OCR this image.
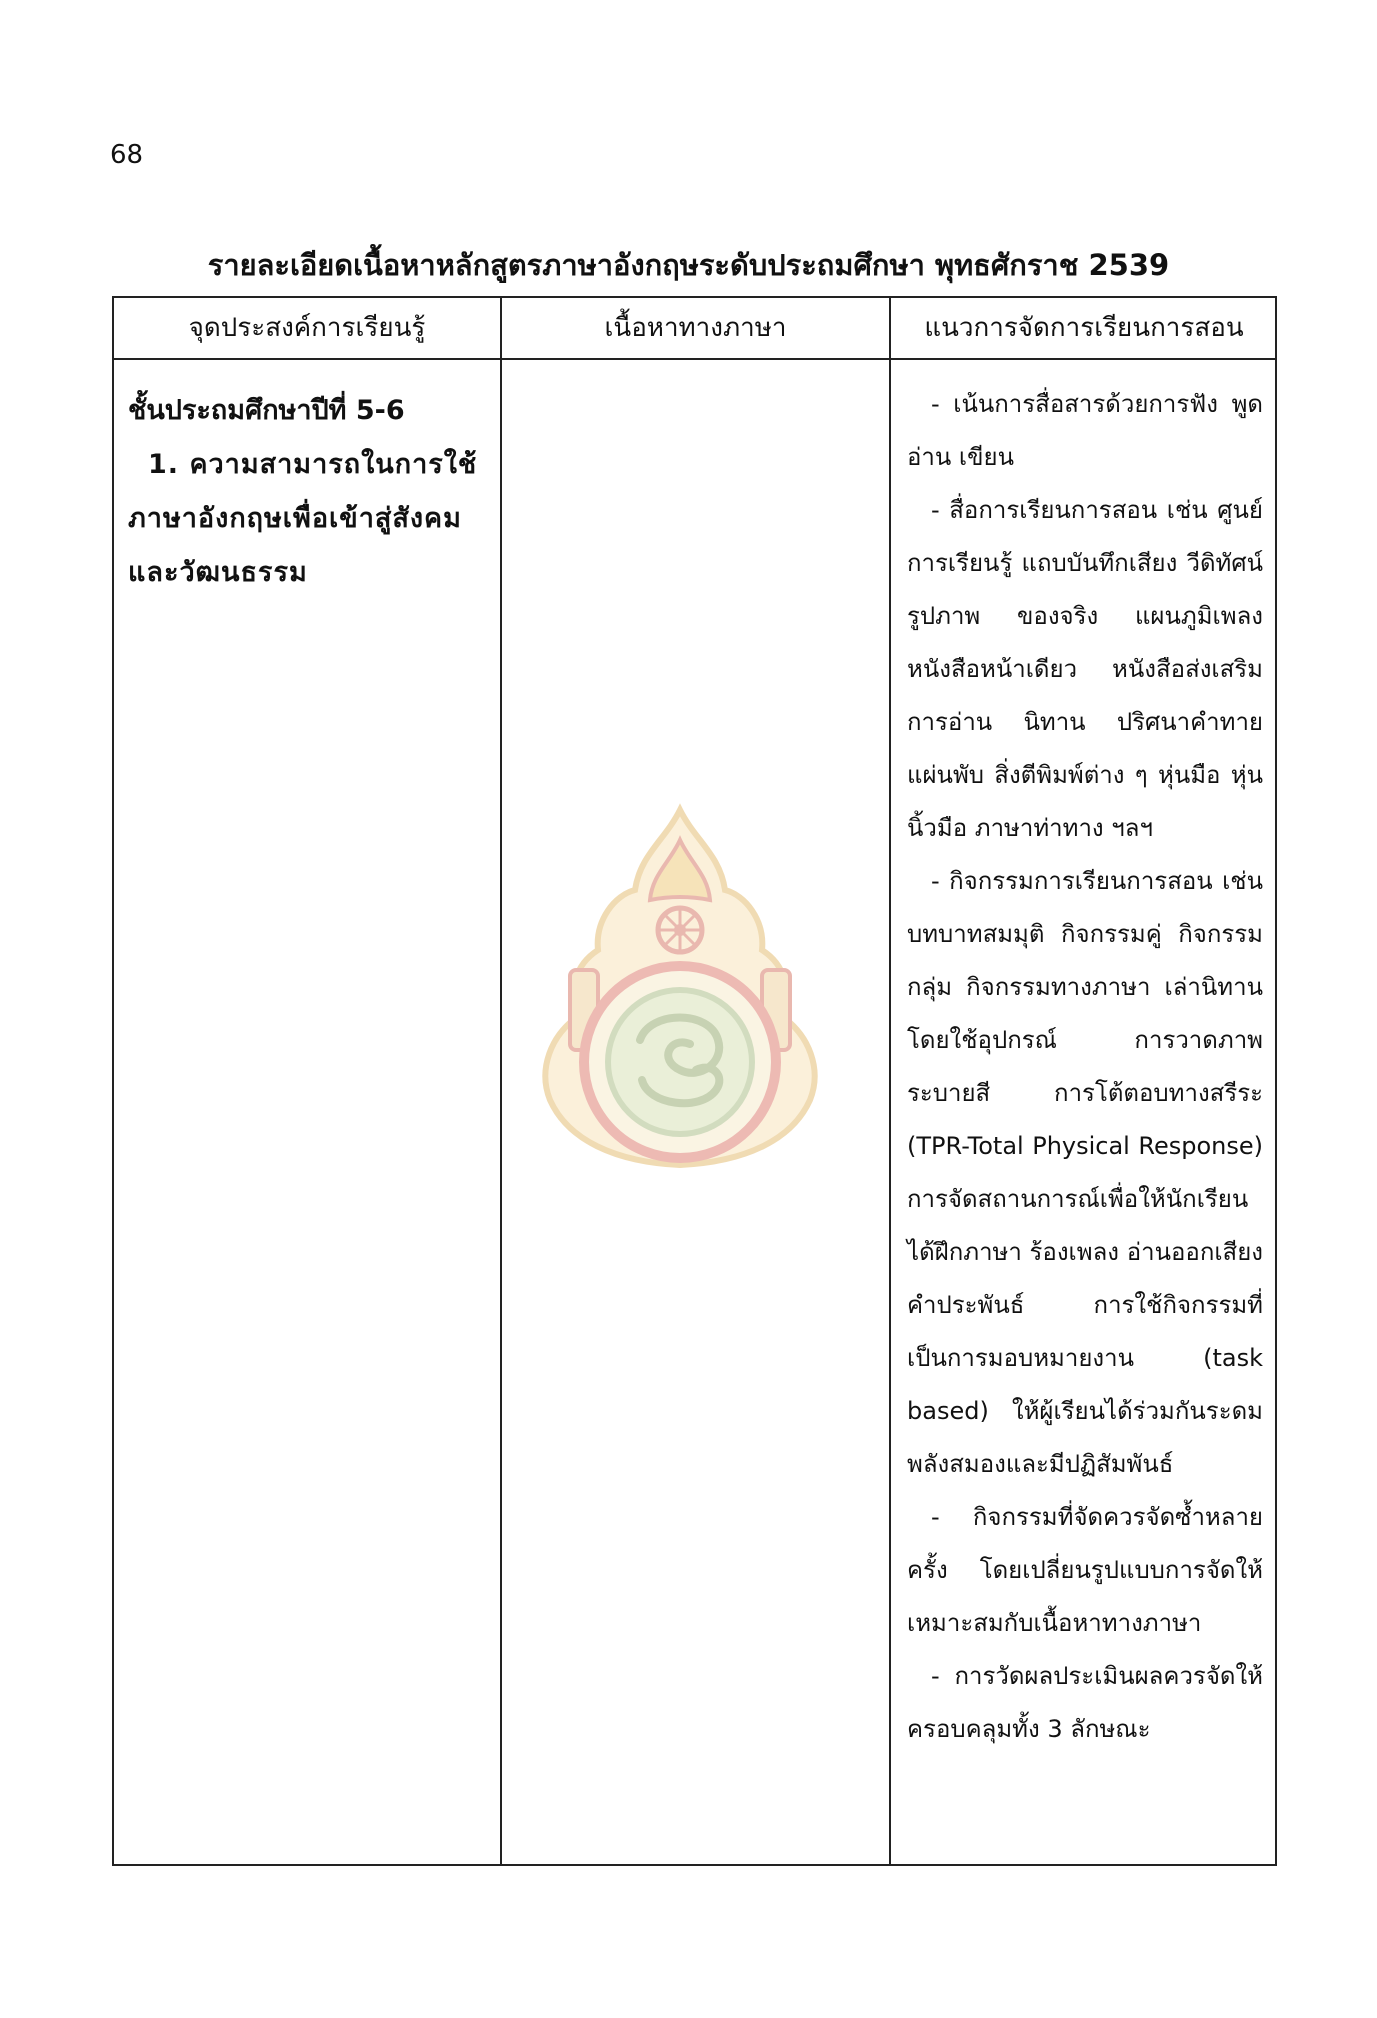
68
รายละเอียดเนื้อหาหลักสูตรภาษาอังกฤษระดับประถมศึกษา พุทธศักราช 2539
จุดประสงค์การเรียนรู้	เนื้อหาทางภาษา	แนวการจัดการเรียนการสอน
ชั้นประถมศึกษาปีที่ 5-6
1. ความสามารถในการใช้ภาษาอังกฤษเพื่อเข้าสู่สังคมและวัฒนธรรม

- เน้นการสื่อสารด้วยการฟัง พูด อ่าน เขียน

- สื่อการเรียนการสอน เช่น ศูนย์การเรียนรู้ แถบบันทึกเสียง วีดิทัศน์ รูปภาพ ของจริง แผนภูมิเพลง หนังสือหน้าเดียว หนังสือส่งเสริมการอ่าน นิทาน ปริศนาคำทาย แผ่นพับ สิ่งตีพิมพ์ต่าง ๆ หุ่นมือ หุ่นนิ้วมือ ภาษาท่าทาง ฯลฯ

- กิจกรรมการเรียนการสอน เช่น บทบาทสมมุติ กิจกรรมคู่ กิจกรรมกลุ่ม กิจกรรมทางภาษา เล่านิทานโดยใช้อุปกรณ์ การวาดภาพ ระบายสี การโต้ตอบทางสรีระ (TPR-Total Physical Response) การจัดสถานการณ์เพื่อให้นักเรียนได้ฝึกภาษา ร้องเพลง อ่านออกเสียงคำประพันธ์ การใช้กิจกรรมที่เป็นการมอบหมายงาน (task based) ให้ผู้เรียนได้ร่วมกันระดมพลังสมองและมีปฏิสัมพันธ์

- กิจกรรมที่จัดควรจัดซ้ำหลายครั้ง โดยเปลี่ยนรูปแบบการจัดให้เหมาะสมกับเนื้อหาทางภาษา

- การวัดผลประเมินผลควรจัดให้ครอบคลุมทั้ง 3 ลักษณะ
